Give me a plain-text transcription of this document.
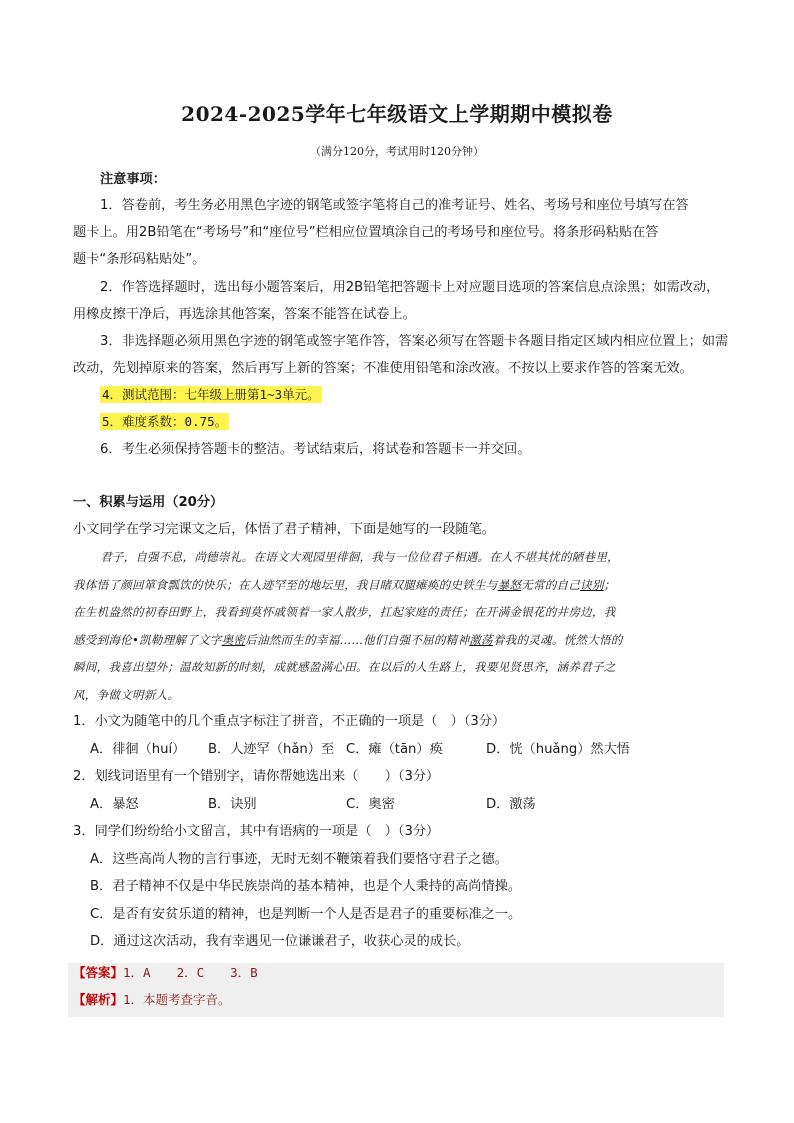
2024-2025学年七年级语文上学期期中模拟卷
（满分120分，考试用时120分钟）
注意事项：
1．答卷前，考生务必用黑色字迹的钢笔或签字笔将自己的准考证号、姓名、考场号和座位号填写在答
题卡上。用2B铅笔在“考场号”和“座位号”栏相应位置填涂自己的考场号和座位号。将条形码粘贴在答
题卡“条形码粘贴处”。
2．作答选择题时，选出每小题答案后，用2B铅笔把答题卡上对应题目选项的答案信息点涂黑；如需改动，
用橡皮擦干净后，再选涂其他答案，答案不能答在试卷上。
3．非选择题必须用黑色字迹的钢笔或签字笔作答，答案必须写在答题卡各题目指定区域内相应位置上；如需
改动，先划掉原来的答案，然后再写上新的答案；不准使用铅笔和涂改液。不按以上要求作答的答案无效。
4．测试范围：七年级上册第1~3单元。
5．难度系数：0.75。
6．考生必须保持答题卡的整洁。考试结束后，将试卷和答题卡一并交回。
一、积累与运用（20分）
小文同学在学习完课文之后，体悟了君子精神，下面是她写的一段随笔。
君子，自强不息，尚德崇礼。在语文大观园里徘徊，我与一位位君子相遇。在人不堪其忧的陋巷里，
我体悟了颜回箪食瓢饮的快乐；在人迹罕至的地坛里，我目睹双腿瘫痪的史铁生与暴怒无常的自己诀别；
在生机盎然的初春田野上，我看到莫怀戚领着一家人散步，扛起家庭的责任；在开满金银花的井房边，我
感受到海伦•凯勒理解了文字奥密后油然而生的幸福……他们自强不屈的精神激荡着我的灵魂。恍然大悟的
瞬间，我喜出望外；温故知新的时刻，成就感盈满心田。在以后的人生路上，我要见贤思齐，涵养君子之
风，争做文明新人。
1．小文为随笔中的几个重点字标注了拼音，不正确的一项是（　）（3分）
A．徘徊（huí） B．人迹罕（hǎn）至 C．瘫（tān）痪	D．恍（huǎng）然大悟
2．划线词语里有一个错别字，请你帮她选出来（　　）（3分）
A．暴怒	B．诀别	C．奥密	D．激荡
3．同学们纷纷给小文留言，其中有语病的一项是（　）（3分）
A．这些高尚人物的言行事迹，无时无刻不鞭策着我们要恪守君子之德。
B．君子精神不仅是中华民族崇尚的基本精神，也是个人秉持的高尚情操。
C．是否有安贫乐道的精神，也是判断一个人是否是君子的重要标准之一。
D．通过这次活动，我有幸遇见一位谦谦君子，收获心灵的成长。
【答案】1．A 2．C 3．B
【解析】1．本题考查字音。
